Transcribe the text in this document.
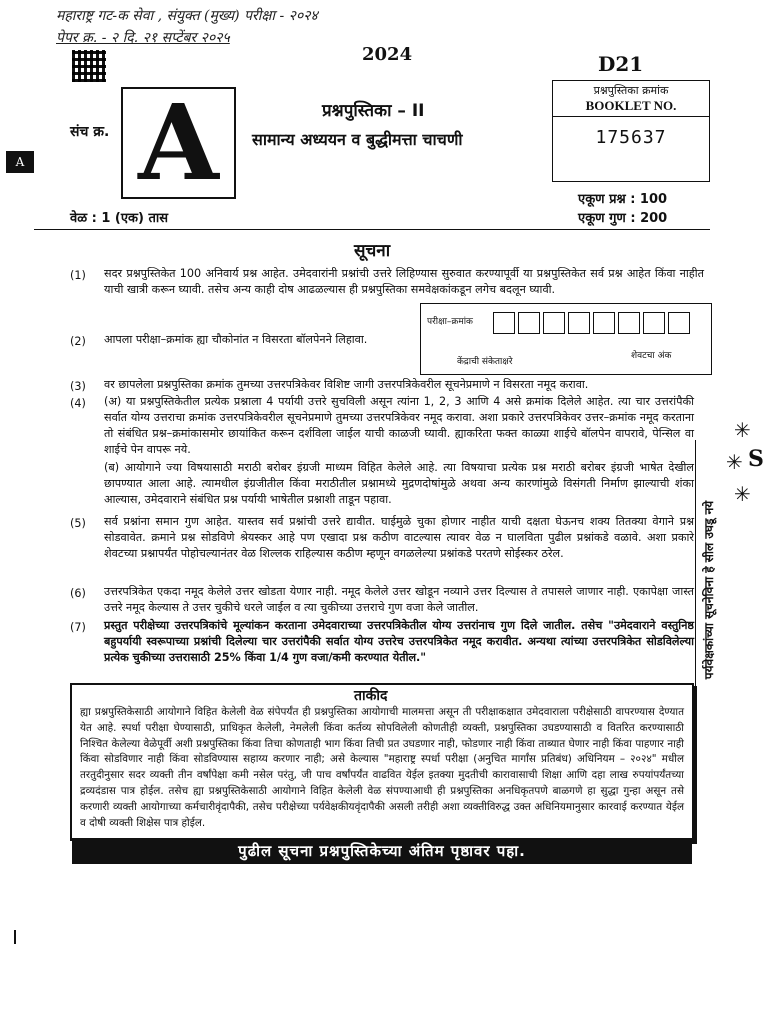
महाराष्ट्र गट-क सेवा , संयुक्त (मुख्य) परीक्षा - २०२४
पेपर क्र. - २ दि. २१ सप्टेंबर २०२५
2024	D21
A
संच क्र. A	प्रश्नपुस्तिका – II
सामान्य अध्ययन व बुद्धीमत्ता चाचणी
प्रश्नपुस्तिका क्रमांक
BOOKLET NO.
175637
एकूण प्रश्न : 100
वेळ : 1 (एक) तास	एकूण गुण : 200
सूचना
(1)	सदर प्रश्नपुस्तिकेत 100 अनिवार्य प्रश्न आहेत. उमेदवारांनी प्रश्नांची उत्तरे लिहिण्यास सुरुवात करण्यापूर्वी या प्रश्नपुस्तिकेत सर्व प्रश्न आहेत किंवा नाहीत याची खात्री करून घ्यावी. तसेच अन्य काही दोष आढळल्यास ही प्रश्नपुस्तिका समवेक्षकांकडून लगेच बदलून घ्यावी.
(2)	आपला परीक्षा–क्रमांक ह्या चौकोनांत न विसरता बॉलपेनने लिहावा.
परीक्षा–क्रमांक
केंद्राची संकेताक्षरे
शेवटचा अंक
(3)	वर छापलेला प्रश्नपुस्तिका क्रमांक तुमच्या उत्तरपत्रिकेवर विशिष्ट जागी उत्तरपत्रिकेवरील सूचनेप्रमाणे न विसरता नमूद करावा.
(4)	(अ) या प्रश्नपुस्तिकेतील प्रत्येक प्रश्नाला 4 पर्यायी उत्तरे सुचविली असून त्यांना 1, 2, 3 आणि 4 असे क्रमांक दिलेले आहेत. त्या चार उत्तरांपैकी सर्वात योग्य उत्तराचा क्रमांक उत्तरपत्रिकेवरील सूचनेप्रमाणे तुमच्या उत्तरपत्रिकेवर नमूद करावा. अशा प्रकारे उत्तरपत्रिकेवर उत्तर–क्रमांक नमूद करताना तो संबंधित प्रश्न–क्रमांकासमोर छायांकित करून दर्शविला जाईल याची काळजी घ्यावी. ह्याकरिता फक्त काळ्या शाईचे बॉलपेन वापरावे, पेन्सिल वा शाईचे पेन वापरू नये.
(ब) आयोगाने ज्या विषयासाठी मराठी बरोबर इंग्रजी माध्यम विहित केलेले आहे. त्या विषयाचा प्रत्येक प्रश्न मराठी बरोबर इंग्रजी भाषेत देखील छापण्यात आला आहे. त्यामधील इंग्रजीतील किंवा मराठीतील प्रश्नामध्ये मुद्रणदोषांमुळे अथवा अन्य कारणांमुळे विसंगती निर्माण झाल्याची शंका आल्यास, उमेदवाराने संबंधित प्रश्न पर्यायी भाषेतील प्रश्नाशी ताडून पहावा.
(5)	सर्व प्रश्नांना समान गुण आहेत. यास्तव सर्व प्रश्नांची उत्तरे द्यावीत. घाईमुळे चुका होणार नाहीत याची दक्षता घेऊनच शक्य तितक्या वेगाने प्रश्न सोडवावेत. क्रमाने प्रश्न सोडविणे श्रेयस्कर आहे पण एखादा प्रश्न कठीण वाटल्यास त्यावर वेळ न घालविता पुढील प्रश्नांकडे वळावे. अशा प्रकारे शेवटच्या प्रश्नापर्यंत पोहोचल्यानंतर वेळ शिल्लक राहिल्यास कठीण म्हणून वगळलेल्या प्रश्नांकडे परतणे सोईस्कर ठरेल.
(6)	उत्तरपत्रिकेत एकदा नमूद केलेले उत्तर खोडता येणार नाही. नमूद केलेले उत्तर खोडून नव्याने उत्तर दिल्यास ते तपासले जाणार नाही. एकापेक्षा जास्त उत्तरे नमूद केल्यास ते उत्तर चुकीचे धरले जाईल व त्या चुकीच्या उत्तराचे गुण वजा केले जातील.
(7)	प्रस्तुत परीक्षेच्या उत्तरपत्रिकांचे मूल्यांकन करताना उमेदवाराच्या उत्तरपत्रिकेतील योग्य उत्तरांनाच गुण दिले जातील. तसेच "उमेदवाराने वस्तुनिष्ठ बहुपर्यायी स्वरूपाच्या प्रश्नांची दिलेल्या चार उत्तरांपैकी सर्वात योग्य उत्तरेच उत्तरपत्रिकेत नमूद करावीत. अन्यथा त्यांच्या उत्तरपत्रिकेत सोडविलेल्या प्रत्येक चुकीच्या उत्तरासाठी 25% किंवा 1/4 गुण वजा/कमी करण्यात येतील."
ताकीद
ह्या प्रश्नपुस्तिकेसाठी आयोगाने विहित केलेली वेळ संपेपर्यंत ही प्रश्नपुस्तिका आयोगाची मालमत्ता असून ती परीक्षाकक्षात उमेदवाराला परीक्षेसाठी वापरण्यास देण्यात येत आहे. स्पर्धा परीक्षा घेण्यासाठी, प्राधिकृत केलेली, नेमलेली किंवा कर्तव्य सोपविलेली कोणतीही व्यक्ती, प्रश्नपुस्तिका उघडण्यासाठी व वितरित करण्यासाठी निश्चित केलेल्या वेळेपूर्वी अशी प्रश्नपुस्तिका किंवा तिचा कोणताही भाग किंवा तिची प्रत उघडणार नाही, फोडणार नाही किंवा ताब्यात घेणार नाही किंवा पाहणार नाही किंवा सोडविणार नाही किंवा सोडविण्यास सहाय्य करणार नाही; असे केल्यास "महाराष्ट्र स्पर्धा परीक्षा (अनुचित मार्गांस प्रतिबंध) अधिनियम – २०२४" मधील तरतुदीनुसार सदर व्यक्ती तीन वर्षांपेक्षा कमी नसेल परंतु, जी पाच वर्षांपर्यंत वाढवित येईल इतक्या मुदतीची कारावासाची शिक्षा आणि दहा लाख रुपयांपर्यंतच्या द्रव्यदंडास पात्र होईल. तसेच ह्या प्रश्नपुस्तिकेसाठी आयोगाने विहित केलेली वेळ संपण्याआधी ही प्रश्नपुस्तिका अनधिकृतपणे बाळगणे हा सुद्धा गुन्हा असून तसे करणारी व्यक्ती आयोगाच्या कर्मचारीवृंदापैकी, तसेच परीक्षेच्या पर्यवेक्षकीयवृंदापैकी असली तरीही अशा व्यक्तीविरुद्ध उक्त अधिनियमानुसार कारवाई करण्यात येईल व दोषी व्यक्ती शिक्षेस पात्र होईल.
पुढील सूचना प्रश्नपुस्तिकेच्या अंतिम पृष्ठावर पहा.
पर्यवेक्षकांच्या सूचनेविना हे सील उघडू नये
✳
✳ S
✳
